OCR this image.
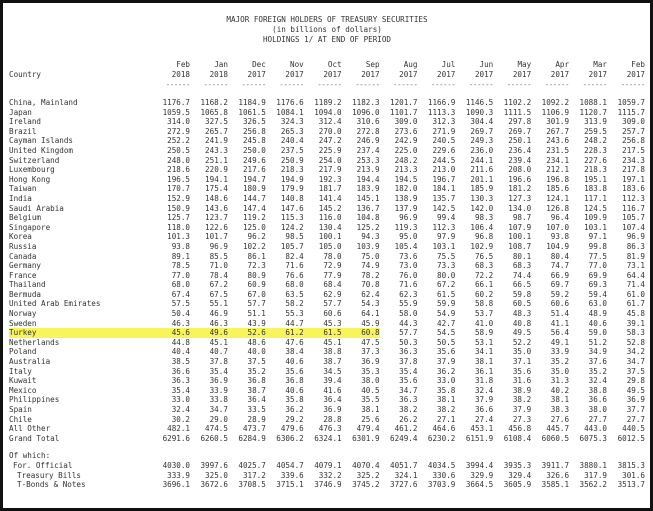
MAJOR FOREIGN HOLDERS OF TREASURY SECURITIES
(in billions of dollars)
HOLDINGS 1/ AT END OF PERIOD
	Feb	Jan	Dec	Nov	Oct	Sep	Aug	Jul	Jun	May	Apr	Mar	Feb
Country	2018	2018	2017	2017	2017	2017	2017	2017	2017	2017	2017	2017	2017
	------	------	------	------	------	------	------	------	------	------	------	------	------

China, Mainland	1176.7	1168.2	1184.9	1176.6	1189.2	1182.3	1201.7	1166.9	1146.5	1102.2	1092.2	1088.1	1059.7
Japan	1059.5	1065.8	1061.5	1084.1	1094.0	1096.0	1101.7	1113.3	1090.3	1111.5	1106.9	1120.7	1115.7
Ireland	314.0	327.5	326.5	324.3	312.4	310.6	309.0	312.3	304.4	297.8	301.9	313.9	309.0
Brazil	272.9	265.7	256.8	265.3	270.0	272.8	273.6	271.9	269.7	269.7	267.7	259.5	257.7
Cayman Islands	252.2	241.9	245.8	240.4	247.2	246.9	242.9	240.5	249.3	250.1	243.6	248.2	256.8
United Kingdom	250.5	243.3	250.0	237.5	225.9	237.4	225.0	229.6	236.0	236.4	231.5	228.3	217.5
Switzerland	248.0	251.1	249.6	250.9	254.0	253.3	248.2	244.5	244.1	239.4	234.1	227.6	234.3
Luxembourg	218.6	220.9	217.6	218.3	217.9	213.9	213.3	213.0	211.6	208.0	212.1	218.3	217.8
Hong Kong	196.5	194.1	194.7	194.9	192.3	194.4	194.5	196.7	201.1	196.6	196.8	195.1	197.1
Taiwan	170.7	175.4	180.9	179.9	181.7	183.9	182.0	184.1	185.9	181.2	185.6	183.8	183.6
India	152.9	148.6	144.7	140.8	141.4	145.1	138.9	135.7	130.3	127.3	124.1	117.1	112.3
Saudi Arabia	150.9	143.6	147.4	147.6	145.2	136.7	137.9	142.5	142.0	134.0	126.8	124.5	116.7
Belgium	125.7	123.7	119.2	115.3	116.0	104.8	96.9	99.4	98.3	98.7	96.4	109.9	105.7
Singapore	118.0	122.6	125.0	124.2	130.4	125.2	119.3	112.3	106.4	107.9	107.0	103.1	107.4
Korea	101.3	101.7	96.2	98.5	100.1	94.3	95.0	97.9	96.8	100.1	93.8	97.1	96.9
Russia	93.8	96.9	102.2	105.7	105.0	103.9	105.4	103.1	102.9	108.7	104.9	99.8	86.3
Canada	89.1	85.5	86.1	82.4	78.0	75.0	73.6	75.5	76.5	80.1	80.4	77.5	81.9
Germany	78.5	71.0	72.3	71.6	72.9	74.9	73.0	73.3	68.3	68.3	74.7	77.0	73.1
France	77.0	78.4	80.9	76.6	77.9	78.2	76.0	80.0	72.2	74.4	66.9	69.9	64.4
Thailand	68.0	67.2	60.9	68.0	68.4	70.8	71.6	67.2	66.1	66.5	69.7	69.3	71.4
Bermuda	67.4	67.5	67.0	63.5	62.9	62.4	62.3	61.5	60.2	59.8	59.2	59.4	61.0
United Arab Emirates	57.5	55.1	57.7	58.2	57.7	54.3	55.9	59.9	58.8	60.5	60.6	63.0	61.7
Norway	50.4	46.9	51.1	55.3	60.6	64.1	58.0	54.9	53.7	48.3	51.4	48.9	45.8
Sweden	46.3	46.3	43.9	44.7	45.3	45.9	44.3	42.7	41.0	40.8	41.1	40.6	39.1
Turkey	45.6	49.6	52.6	61.2	61.5	60.8	57.7	54.5	58.9	49.5	56.4	59.0	58.3
Netherlands	44.8	45.1	48.6	47.6	45.1	47.5	50.3	50.5	53.1	52.2	49.1	51.2	52.8
Poland	40.4	40.7	40.0	38.4	38.8	37.3	36.3	35.6	34.1	35.0	33.9	34.9	34.2
Australia	38.5	37.8	37.5	40.6	38.7	36.9	37.8	37.9	38.1	37.1	35.2	37.6	34.7
Italy	36.6	35.4	35.2	35.6	34.5	35.3	35.4	36.2	36.1	35.6	35.0	35.2	37.5
Kuwait	36.3	36.9	36.8	36.8	39.4	38.0	35.6	33.0	31.8	31.6	31.3	32.4	29.8
Mexico	35.4	33.9	38.7	40.6	41.6	40.5	34.7	35.8	32.4	38.9	40.2	38.8	49.5
Philippines	33.0	33.8	36.4	35.8	36.4	35.5	36.3	38.1	37.9	38.2	38.1	36.6	36.9
Spain	32.4	34.7	33.5	36.2	36.9	38.1	38.2	38.2	36.6	37.9	38.3	38.0	37.7
Chile	30.2	29.0	28.9	29.2	28.8	25.6	26.2	27.1	27.4	27.3	27.6	27.7	27.7
All Other	482.1	474.5	473.7	479.6	476.3	479.4	461.2	464.6	453.1	456.8	445.7	443.0	440.5
Grand Total	6291.6	6260.5	6284.9	6306.2	6324.1	6301.9	6249.4	6230.2	6151.9	6108.4	6060.5	6075.3	6012.5

Of which:													
For. Official	4030.0	3997.6	4025.7	4054.7	4079.1	4070.4	4051.7	4034.5	3994.4	3935.3	3911.7	3880.1	3815.3
Treasury Bills	333.9	325.0	317.2	339.6	332.2	325.2	324.1	330.6	329.9	329.4	326.6	317.9	301.6
T-Bonds & Notes	3696.1	3672.6	3708.5	3715.1	3746.9	3745.2	3727.6	3703.9	3664.5	3605.9	3585.1	3562.2	3513.7
